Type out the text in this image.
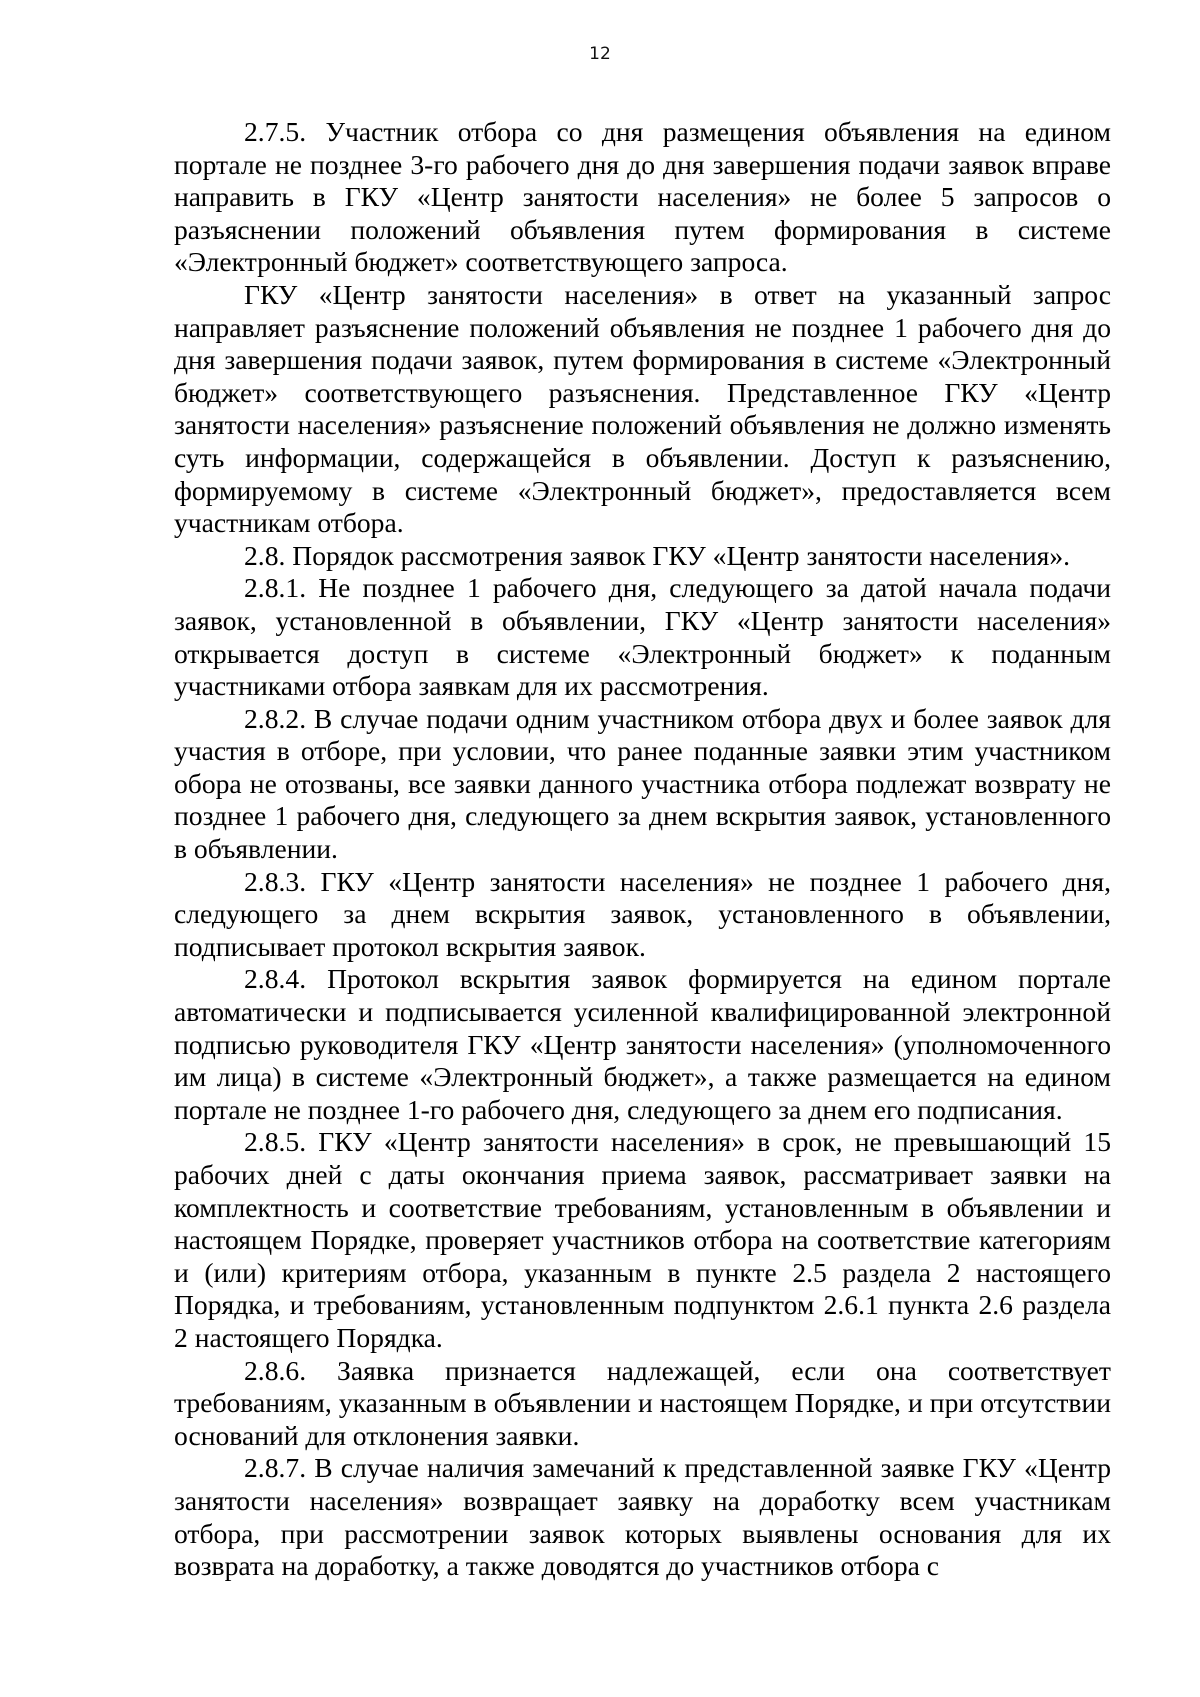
12

2.7.5. Участник отбора со дня размещения объявления на едином портале не позднее 3-го рабочего дня до дня завершения подачи заявок вправе направить в ГКУ «Центр занятости населения» не более 5 запросов о разъяснении положений объявления путем формирования в системе «Электронный бюджет» соответствующего запроса.

ГКУ «Центр занятости населения» в ответ на указанный запрос направляет разъяснение положений объявления не позднее 1 рабочего дня до дня завершения подачи заявок, путем формирования в системе «Электронный бюджет» соответствующего разъяснения. Представленное ГКУ «Центр занятости населения» разъяснение положений объявления не должно изменять суть информации, содержащейся в объявлении. Доступ к разъяснению, формируемому в системе «Электронный бюджет», предоставляется всем участникам отбора.

2.8. Порядок рассмотрения заявок ГКУ «Центр занятости населения».

2.8.1. Не позднее 1 рабочего дня, следующего за датой начала подачи заявок, установленной в объявлении, ГКУ «Центр занятости населения» открывается доступ в системе «Электронный бюджет» к поданным участниками отбора заявкам для их рассмотрения.

2.8.2. В случае подачи одним участником отбора двух и более заявок для участия в отборе, при условии, что ранее поданные заявки этим участником обора не отозваны, все заявки данного участника отбора подлежат возврату не позднее 1 рабочего дня, следующего за днем вскрытия заявок, установленного в объявлении.

2.8.3. ГКУ «Центр занятости населения» не позднее 1 рабочего дня, следующего за днем вскрытия заявок, установленного в объявлении, подписывает протокол вскрытия заявок.

2.8.4. Протокол вскрытия заявок формируется на едином портале автоматически и подписывается усиленной квалифицированной электронной подписью руководителя ГКУ «Центр занятости населения» (уполномоченного им лица) в системе «Электронный бюджет», а также размещается на едином портале не позднее 1-го рабочего дня, следующего за днем его подписания.

2.8.5. ГКУ «Центр занятости населения» в срок, не превышающий 15 рабочих дней с даты окончания приема заявок, рассматривает заявки на комплектность и соответствие требованиям, установленным в объявлении и настоящем Порядке, проверяет участников отбора на соответствие категориям и (или) критериям отбора, указанным в пункте 2.5 раздела 2 настоящего Порядка, и требованиям, установленным подпунктом 2.6.1 пункта 2.6 раздела 2 настоящего Порядка.

2.8.6. Заявка признается надлежащей, если она соответствует требованиям, указанным в объявлении и настоящем Порядке, и при отсутствии оснований для отклонения заявки.

2.8.7. В случае наличия замечаний к представленной заявке ГКУ «Центр занятости населения» возвращает заявку на доработку всем участникам отбора, при рассмотрении заявок которых выявлены основания для их возврата на доработку, а также доводятся до участников отбора с
